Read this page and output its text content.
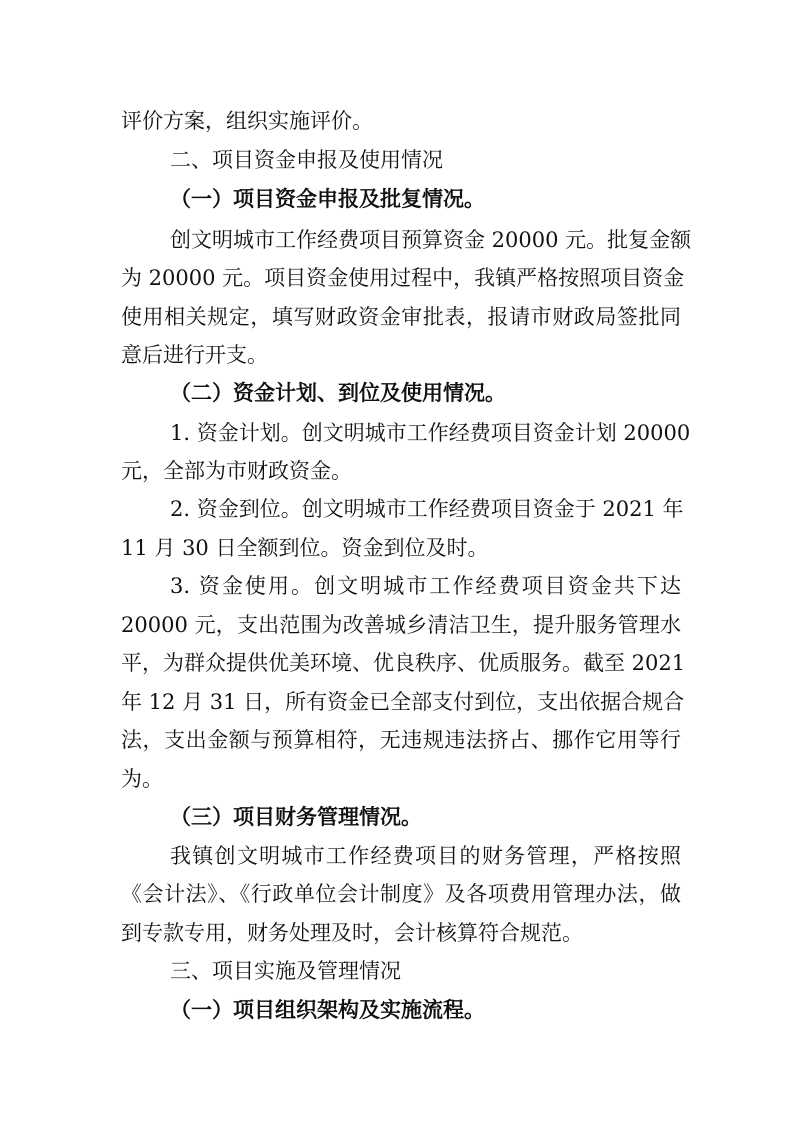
评价方案，组织实施评价。
二、项目资金申报及使用情况
（一）项目资金申报及批复情况。
创文明城市工作经费项目预算资金 20000 元。批复金额
为 20000 元。项目资金使用过程中，我镇严格按照项目资金
使用相关规定，填写财政资金审批表，报请市财政局签批同
意后进行开支。
（二）资金计划、到位及使用情况。
1. 资金计划。创文明城市工作经费项目资金计划 20000
元，全部为市财政资金。
2. 资金到位。创文明城市工作经费项目资金于 2021 年
11 月 30 日全额到位。资金到位及时。
3. 资金使用。创文明城市工作经费项目资金共下达
20000 元，支出范围为改善城乡清洁卫生，提升服务管理水
平，为群众提供优美环境、优良秩序、优质服务。截至 2021
年 12 月 31 日，所有资金已全部支付到位，支出依据合规合
法，支出金额与预算相符，无违规违法挤占、挪作它用等行
为。
（三）项目财务管理情况。
我镇创文明城市工作经费项目的财务管理，严格按照
《会计法》、《行政单位会计制度》及各项费用管理办法，做
到专款专用，财务处理及时，会计核算符合规范。
三、项目实施及管理情况
（一）项目组织架构及实施流程。
